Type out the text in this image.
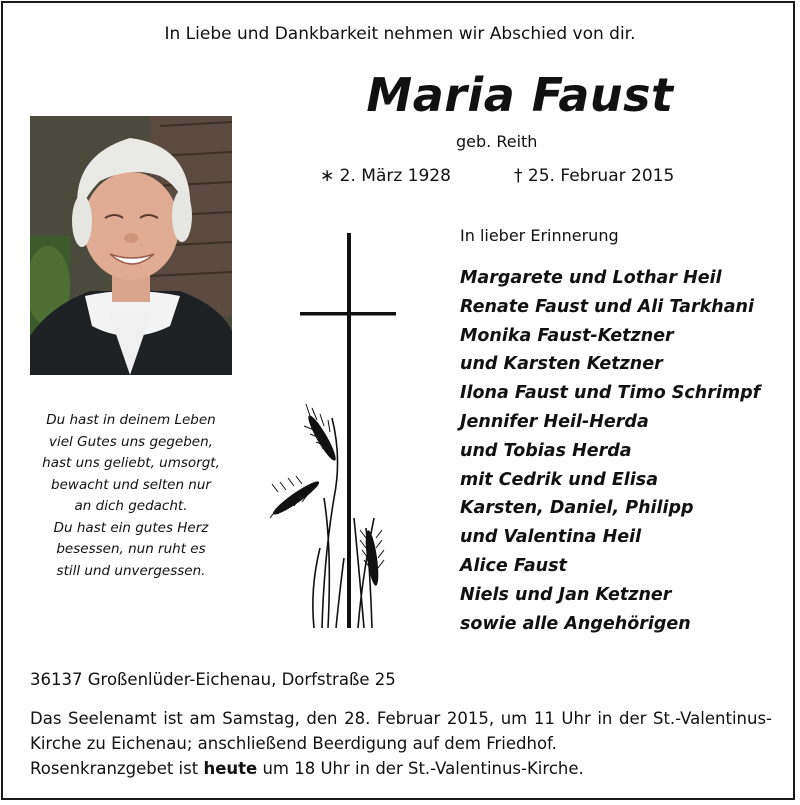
In Liebe und Dankbarkeit nehmen wir Abschied von dir.
Maria Faust
geb. Reith
∗ 2. März 1928	† 25. Februar 2015
Du hast in deinem Leben
viel Gutes uns gegeben,
hast uns geliebt, umsorgt,
bewacht und selten nur
an dich gedacht.
Du hast ein gutes Herz
besessen, nun ruht es
still und unvergessen.
In lieber Erinnerung
Margarete und Lothar Heil
Renate Faust und Ali Tarkhani
Monika Faust-Ketzner
und Karsten Ketzner
Ilona Faust und Timo Schrimpf
Jennifer Heil-Herda
und Tobias Herda
mit Cedrik und Elisa
Karsten, Daniel, Philipp
und Valentina Heil
Alice Faust
Niels und Jan Ketzner
sowie alle Angehörigen
36137 Großenlüder-Eichenau, Dorfstraße 25

Das Seelenamt ist am Samstag, den 28. Februar 2015, um 11 Uhr in der St.-Valentinus-Kirche zu Eichenau; anschließend Beerdigung auf dem Friedhof.

Rosenkranzgebet ist heute um 18 Uhr in der St.-Valentinus-Kirche.
